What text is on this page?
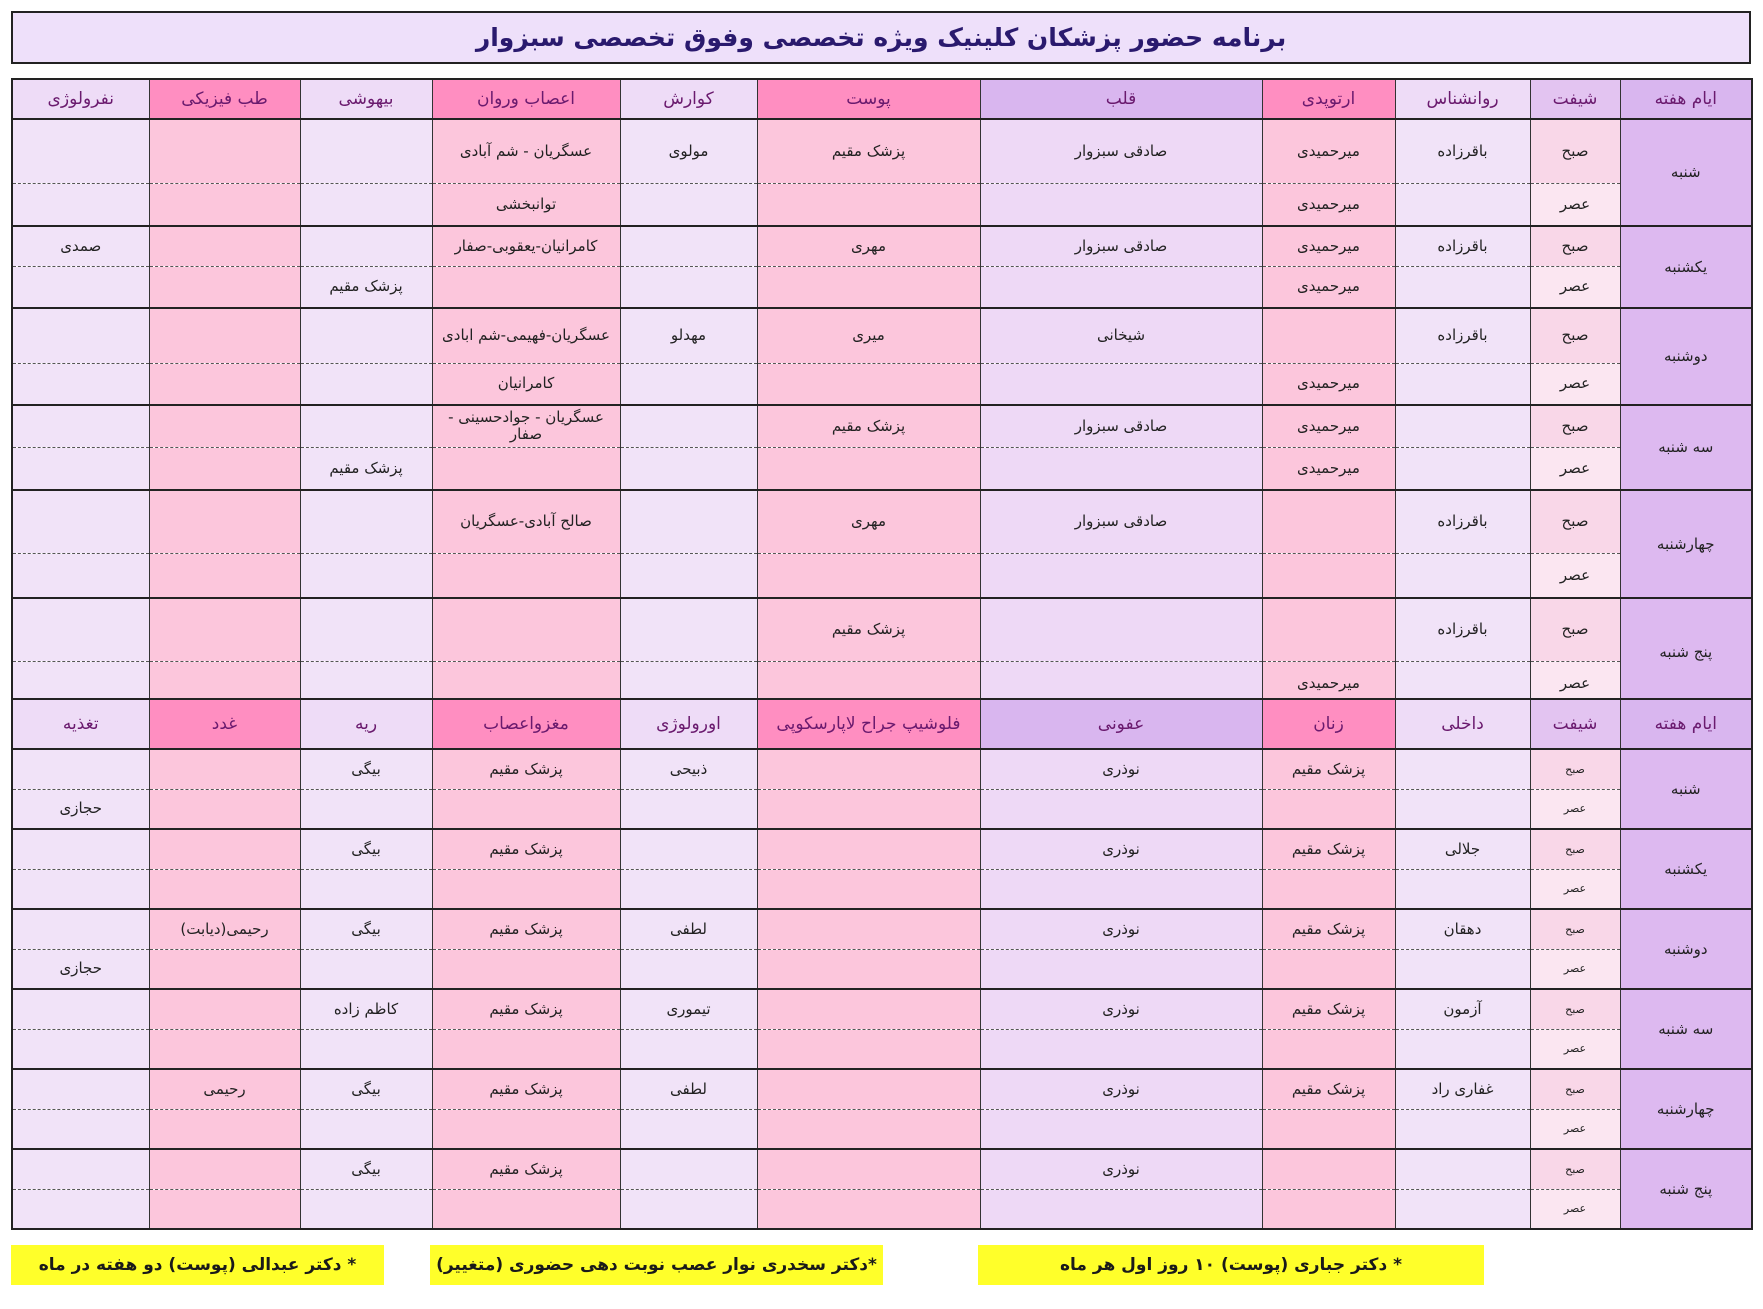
برنامه حضور پزشکان کلینیک ویژه تخصصی وفوق تخصصی سبزوار
ایام هفته	شیفت	روانشناس	ارتوپدی	قلب	پوست	کوارش	اعصاب وروان	بیهوشی	طب فیزیکی	نفرولوژی
شنبه	صبح	باقرزاده	میرحمیدی	صادقی سبزوار	پزشک مقیم	مولوی	عسگریان - شم آبادی			
	عصر		میرحمیدی				توانبخشی			
یکشنبه	صبح	باقرزاده	میرحمیدی	صادقی سبزوار	مهری		کامرانیان-یعقوبی-صفار			صمدی
	عصر		میرحمیدی					پزشک مقیم		
دوشنبه	صبح	باقرزاده		شیخانی	میری	مهدلو	عسگریان-فهیمی-شم ابادی			
	عصر		میرحمیدی				کامرانیان			
سه شنبه	صبح		میرحمیدی	صادقی سبزوار	پزشک مقیم		عسگریان - جوادحسینی - صفار			
	عصر		میرحمیدی					پزشک مقیم		
چهارشنبه	صبح	باقرزاده		صادقی سبزوار	مهری		صالح آبادی-عسگریان			
	عصر									
پنج شنبه	صبح	باقرزاده			پزشک مقیم					
	عصر		میرحمیدی							
ایام هفته	شیفت	داخلی	زنان	عفونی	فلوشیپ جراح لاپارسکوپی	اورولوژی	مغزواعصاب	ریه	غدد	تغذیه
شنبه	صبح		پزشک مقیم	نوذری		ذبیحی	پزشک مقیم	بیگی		
	عصر									حجازی
یکشنبه	صبح	جلالی	پزشک مقیم	نوذری			پزشک مقیم	بیگی		
	عصر									
دوشنبه	صبح	دهقان	پزشک مقیم	نوذری		لطفی	پزشک مقیم	بیگی	رحیمی(دیابت)	
	عصر									حجازی
سه شنبه	صبح	آزمون	پزشک مقیم	نوذری		تیموری	پزشک مقیم	کاظم زاده		
	عصر									
چهارشنبه	صبح	غفاری راد	پزشک مقیم	نوذری		لطفی	پزشک مقیم	بیگی	رحیمی	
	عصر									
پنج شنبه	صبح			نوذری			پزشک مقیم	بیگی		
	عصر									
* دکتر جباری (پوست) ۱۰ روز اول هر ماه
*دکتر سخدری نوار عصب نوبت دهی حضوری (متغییر)
* دکتر عبدالی (پوست) دو هفته در ماه
